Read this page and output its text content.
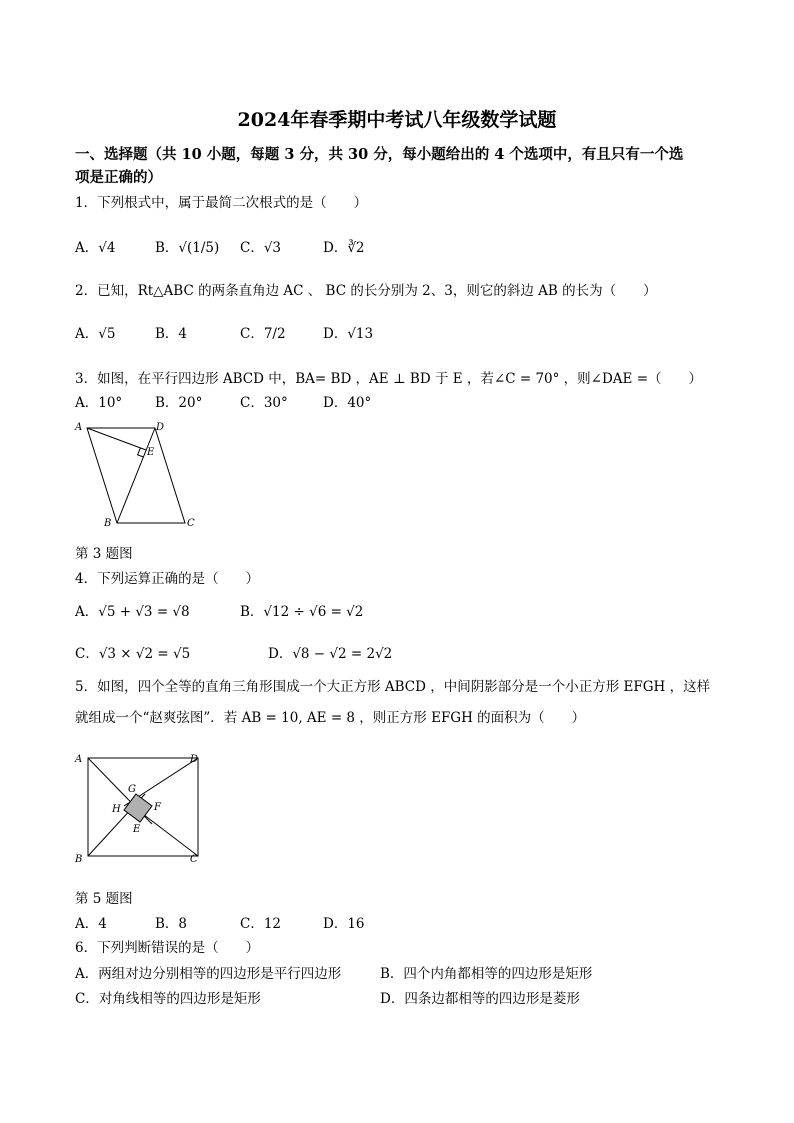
2024年春季期中考试八年级数学试题
一、选择题（共 10 小题，每题 3 分，共 30 分，每小题给出的 4 个选项中，有且只有一个选
项是正确的）
1．下列根式中，属于最简二次根式的是（　　）
A．√4	B．√(1/5) C．√3	D．∛2
2．已知，Rt△ABC 的两条直角边 AC 、 BC 的长分别为 2、3，则它的斜边 AB 的长为（　　）
A．√5	B．4	C．7/2	D．√13
3．如图，在平行四边形 ABCD 中，BA= BD ，AE ⊥ BD 于 E ，若∠C = 70° ，则∠DAE =（　　）
A．10° B．20°	C．30°	D．40°
A	D
E
B	C
第 3 题图
4．下列运算正确的是（　　）
A．√5 + √3 = √8	B．√12 ÷ √6 = √2
C．√3 × √2 = √5	D．√8 − √2 = 2√2
5．如图，四个全等的直角三角形围成一个大正方形 ABCD ，中间阴影部分是一个小正方形 EFGH ，这样
就组成一个“赵爽弦图”．若 AB = 10, AE = 8 ，则正方形 EFGH 的面积为（　　）
A	D
B	C
G
F
H
E
第 5 题图
A．4	B．8	C．12	D．16
6．下列判断错误的是（　　）
A．两组对边分别相等的四边形是平行四边形	B．四个内角都相等的四边形是矩形
C．对角线相等的四边形是矩形	D．四条边都相等的四边形是菱形
